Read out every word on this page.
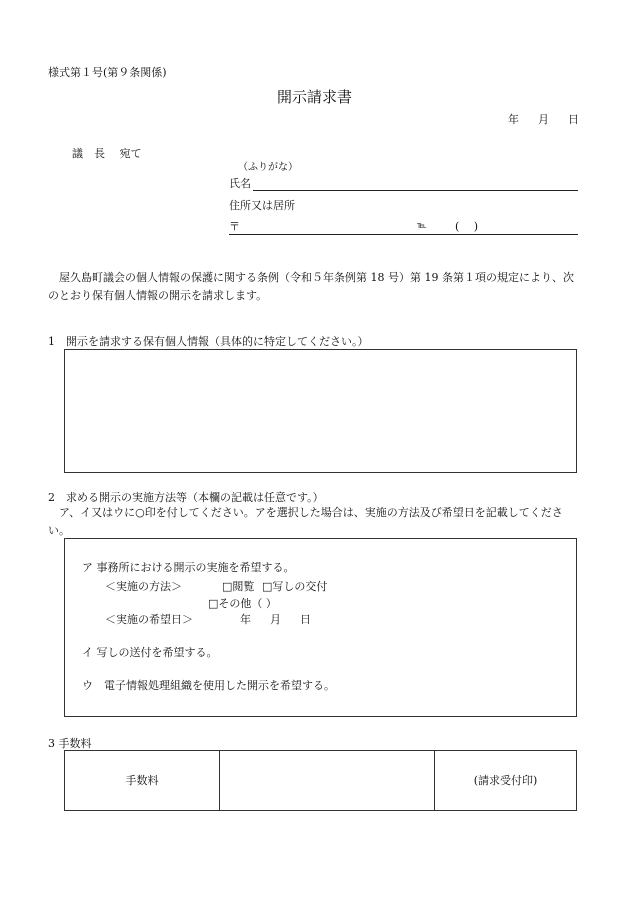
様式第１号(第９条関係)
開示請求書
年 月 日
議　長　 宛て
（ふりがな）
氏名
住所又は居所
〒	℡	(　 )
　屋久島町議会の個人情報の保護に関する条例（令和５年条例第 18 号）第 19 条第１項の規定により、次のとおり保有個人情報の開示を請求します。
1　開示を請求する保有個人情報（具体的に特定してください。）
2　求める開示の実施方法等（本欄の記載は任意です。）
　ア、イ又はウに○印を付してください。アを選択した場合は、実施の方法及び希望日を記載してください。
ア 事務所における開示の実施を希望する。
＜実施の方法＞	□閲覧 □写しの交付
□その他（ ）
＜実施の希望日＞	年 月 日
イ 写しの送付を希望する。
ウ　電子情報処理組織を使用した開示を希望する。
3 手数料
手数料	(請求受付印)
